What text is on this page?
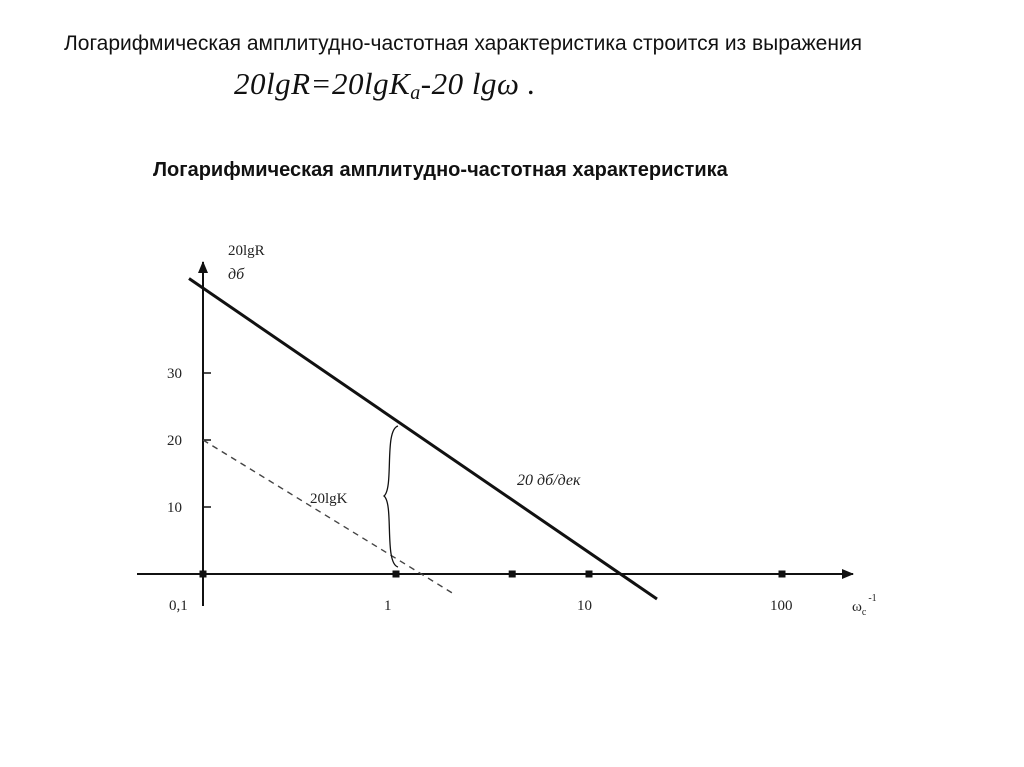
Логарифмическая амплитудно-частотная характеристика строится из выражения

20lgR=20lgKa-20 lgω .
Логарифмическая амплитудно-частотная характеристика
0,1	1	10	100
10
20
30
20lgR
дб
$\omega_c^{-1}$
20 дб/дек
20lgK
